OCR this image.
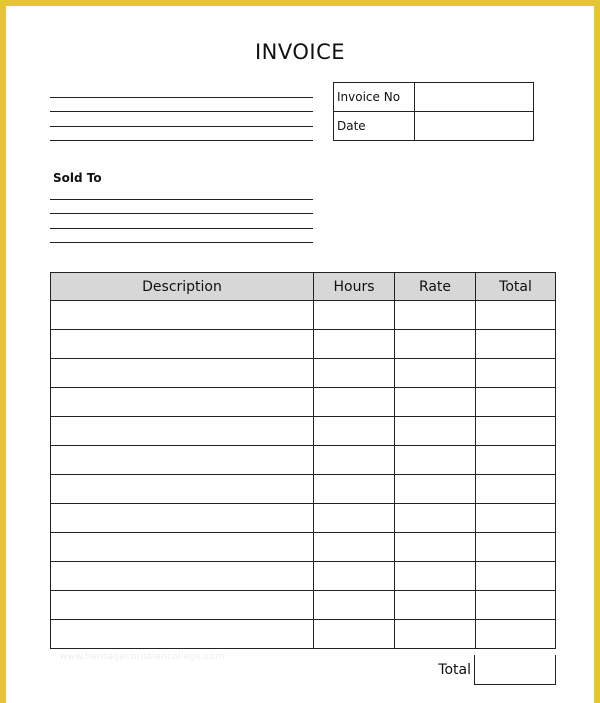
INVOICE
Invoice No	
Date	
Sold To
Description	Hours	Rate	Total

Total
www.heritagechristiancollege.com
